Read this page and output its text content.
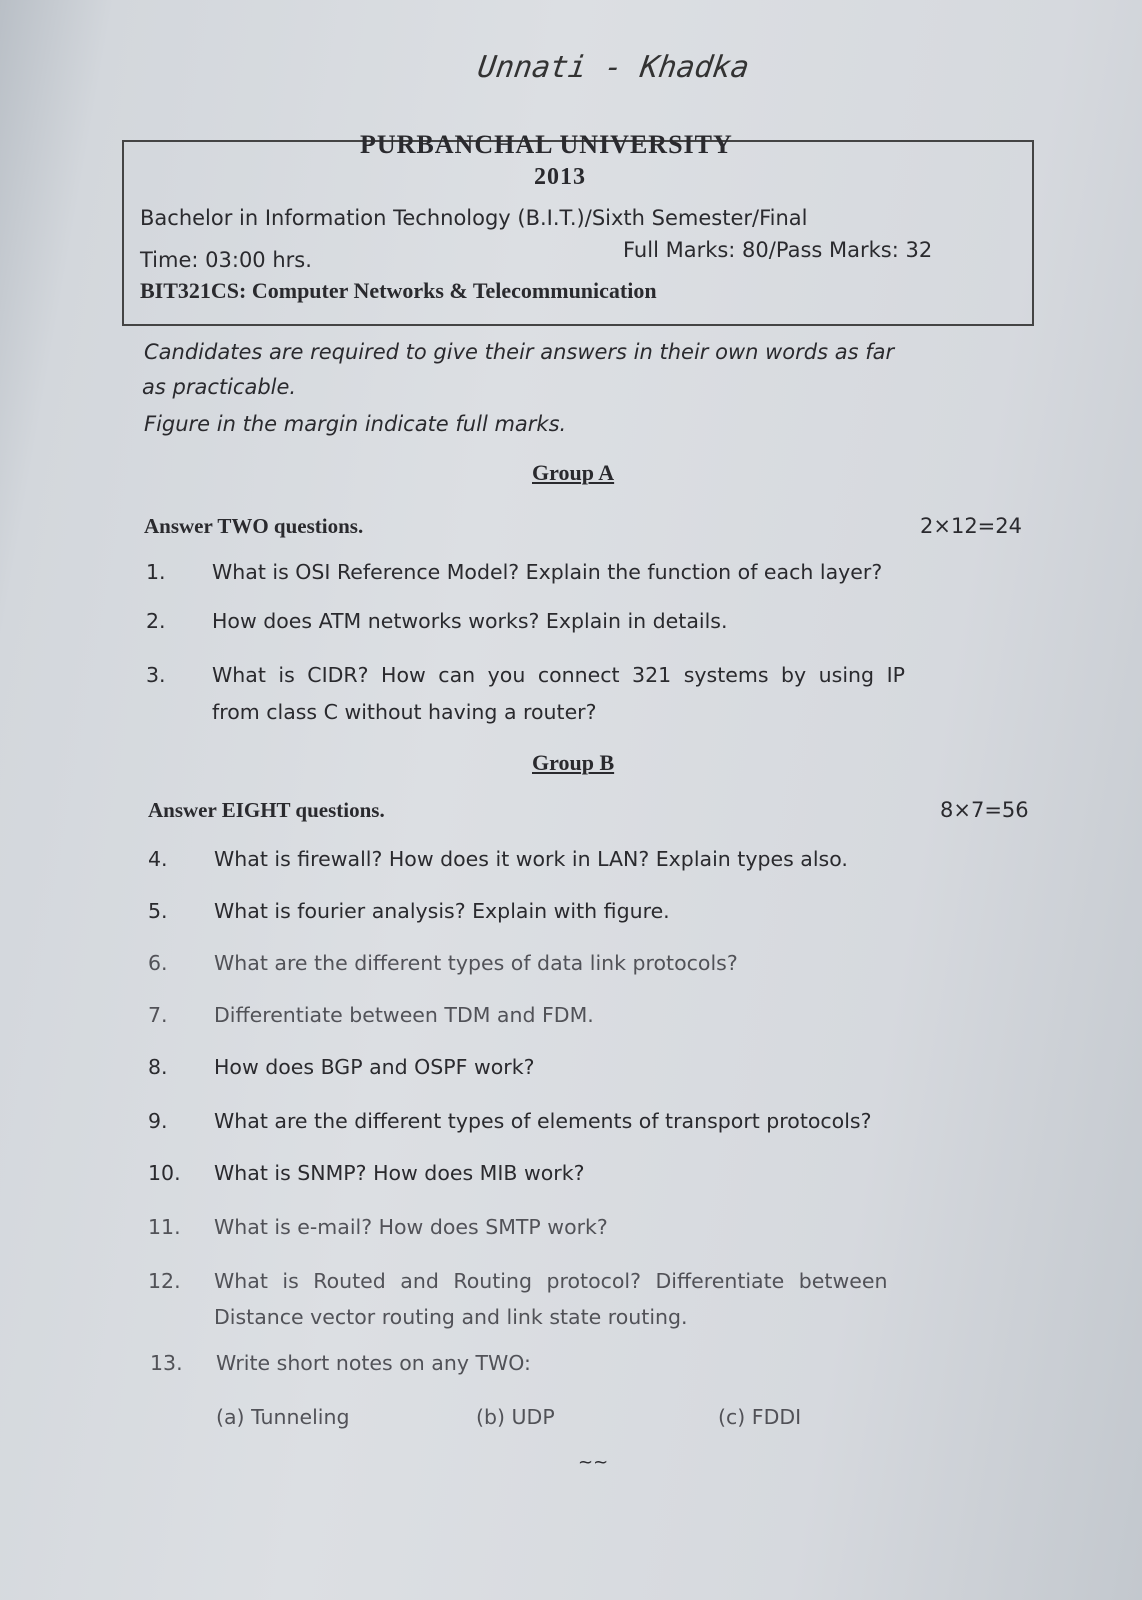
Unnati - Khadka
PURBANCHAL UNIVERSITY
2013
Bachelor in Information Technology (B.I.T.)/Sixth Semester/Final
Time: 03:00 hrs.	Full Marks: 80/Pass Marks: 32
BIT321CS: Computer Networks & Telecommunication
Candidates are required to give their answers in their own words as far
as practicable.
Figure in the margin indicate full marks.
Group A
Answer TWO questions.	2×12=24
1. What is OSI Reference Model? Explain the function of each layer?
2. How does ATM networks works? Explain in details.
3. What is CIDR? How can you connect 321 systems by using IP
from class C without having a router?
Group B
Answer EIGHT questions.	8×7=56
4. What is firewall? How does it work in LAN? Explain types also.
5. What is fourier analysis? Explain with figure.
6. What are the different types of data link protocols?
7. Differentiate between TDM and FDM.
8. How does BGP and OSPF work?
9. What are the different types of elements of transport protocols?
10. What is SNMP? How does MIB work?
11. What is e-mail? How does SMTP work?
12. What is Routed and Routing protocol? Differentiate between
Distance vector routing and link state routing.
13. Write short notes on any TWO:
(a) Tunneling	(b) UDP	(c) FDDI
~~
